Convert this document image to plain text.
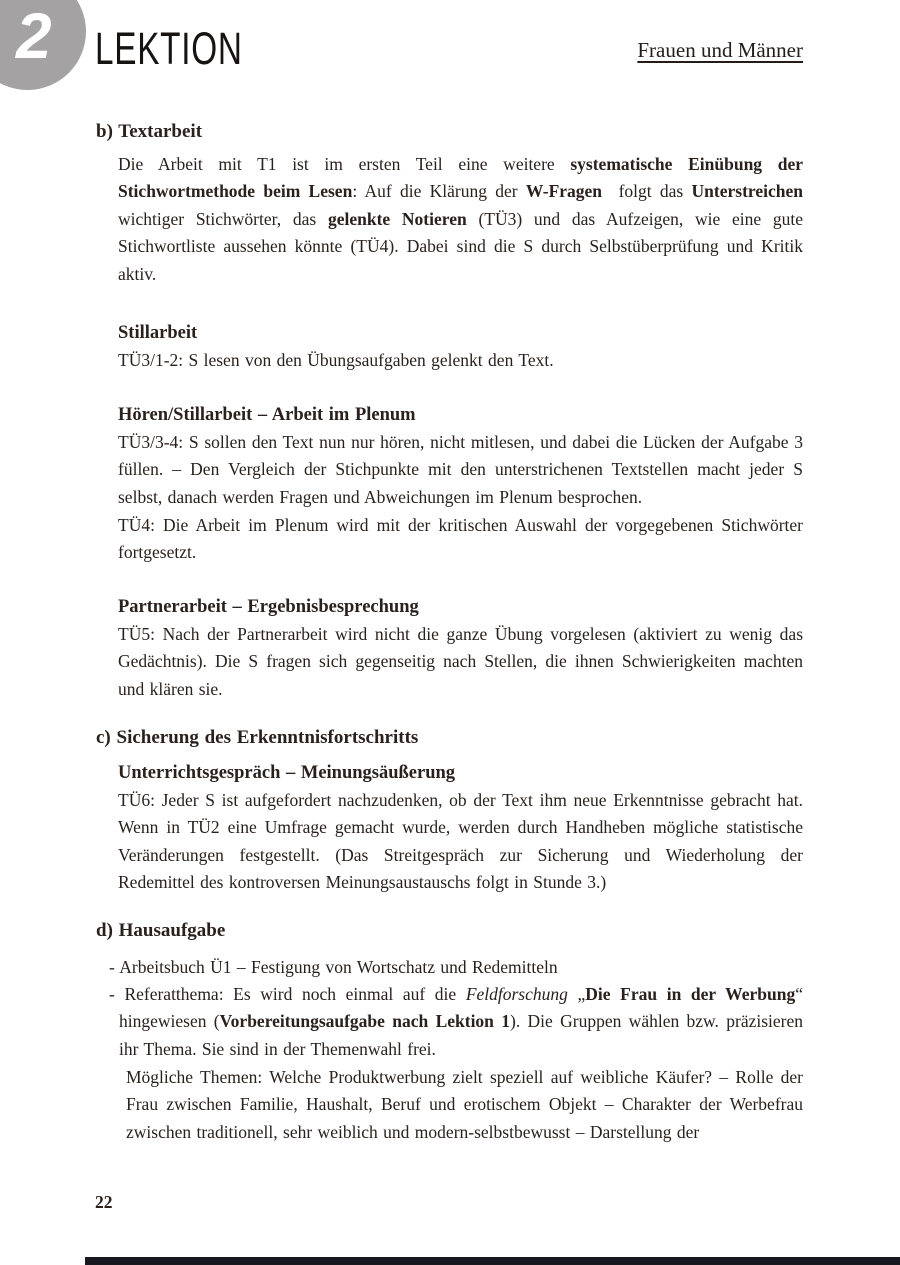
2 LEKTION	Frauen und Männer
b) Textarbeit
Die Arbeit mit T1 ist im ersten Teil eine weitere systematische Einübung der Stichwortmethode beim Lesen: Auf die Klärung der W-Fragen  folgt das Unterstreichen wichtiger Stichwörter, das gelenkte Notieren (TÜ3) und das Aufzeigen, wie eine gute Stichwortliste aussehen könnte (TÜ4). Dabei sind die S durch Selbstüberprüfung und Kritik aktiv.
Stillarbeit
TÜ3/1-2: S lesen von den Übungsaufgaben gelenkt den Text.
Hören/Stillarbeit – Arbeit im Plenum
TÜ3/3-4: S sollen den Text nun nur hören, nicht mitlesen, und dabei die Lücken der Aufgabe 3 füllen. – Den Vergleich der Stichpunkte mit den unterstrichenen Textstellen macht jeder S selbst, danach werden Fragen und Abweichungen im Plenum besprochen.
TÜ4: Die Arbeit im Plenum wird mit der kritischen Auswahl der vorgegebenen Stichwörter fortgesetzt.
Partnerarbeit – Ergebnisbesprechung
TÜ5: Nach der Partnerarbeit wird nicht die ganze Übung vorgelesen (aktiviert zu wenig das Gedächtnis). Die S fragen sich gegenseitig nach Stellen, die ihnen Schwierigkeiten machten und klären sie.
c) Sicherung des Erkenntnisfortschritts
Unterrichtsgespräch – Meinungsäußerung
TÜ6: Jeder S ist aufgefordert nachzudenken, ob der Text ihm neue Erkenntnisse gebracht hat. Wenn in TÜ2 eine Umfrage gemacht wurde, werden durch Handheben mögliche statistische Veränderungen festgestellt. (Das Streitgespräch zur Sicherung und Wiederholung der Redemittel des kontroversen Meinungsaustauschs folgt in Stunde 3.)
d) Hausaufgabe
- Arbeitsbuch Ü1 – Festigung von Wortschatz und Redemitteln
- Referatthema: Es wird noch einmal auf die Feldforschung „Die Frau in der Werbung“ hingewiesen (Vorbereitungsaufgabe nach Lektion 1). Die Gruppen wählen bzw. präzisieren ihr Thema. Sie sind in der Themenwahl frei.
Mögliche Themen: Welche Produktwerbung zielt speziell auf weibliche Käufer? – Rolle der Frau zwischen Familie, Haushalt, Beruf und erotischem Objekt – Charakter der Werbefrau zwischen traditionell, sehr weiblich und modern-selbstbewusst – Darstellung der
22
